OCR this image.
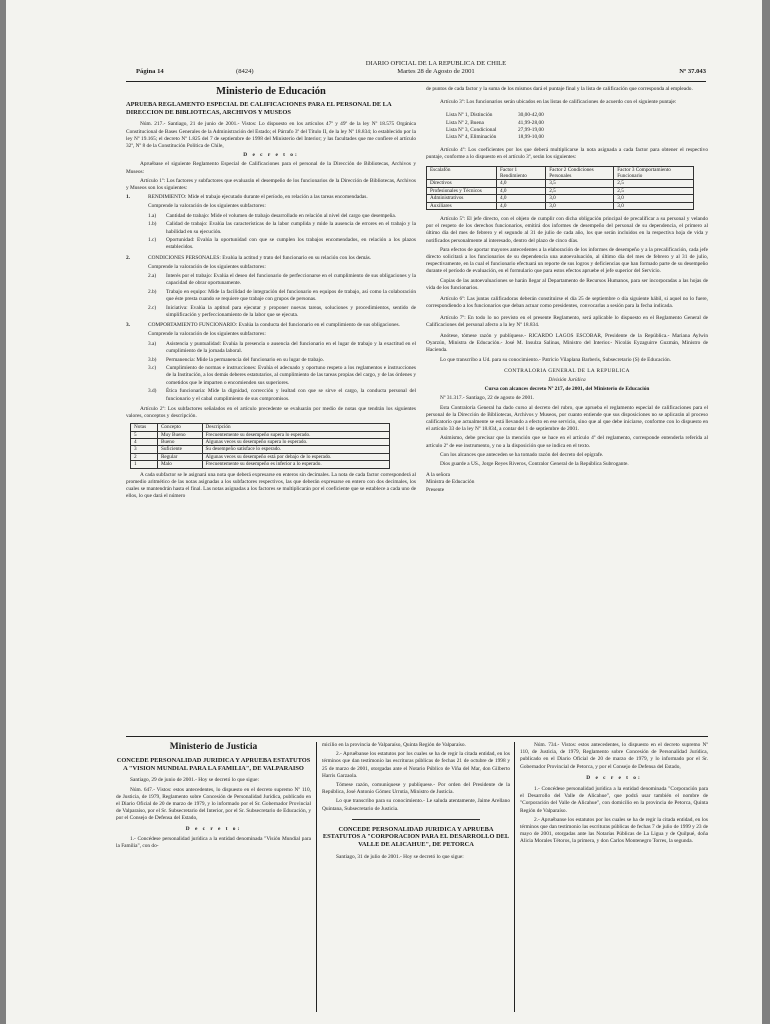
Página 14	(8424)
DIARIO OFICIAL DE LA REPUBLICA DE CHILE
Martes 28 de Agosto de 2001	Nº 37.043
Ministerio de Educación
APRUEBA REGLAMENTO ESPECIAL DE CALIFICACIONES PARA EL PERSONAL DE LA DIRECCION DE BIBLIOTECAS, ARCHIVOS Y MUSEOS

Núm. 217.- Santiago, 21 de junio de 2001.- Vistos: Lo dispuesto en los artículos 47º y 49º de la ley Nº 18.575 Orgánica Constitucional de Bases Generales de la Administración del Estado; el Párrafo 3º del Título II, de la ley Nº 18.834; lo establecido por la ley Nº 19.165; el decreto Nº 1.825 del 7 de septiembre de 1998 del Ministerio del Interior; y las facultades que me confiere el artículo 32º, Nº 8 de la Constitución Política de Chile,

D e c r e t o:

Apruébase el siguiente Reglamento Especial de Calificaciones para el personal de la Dirección de Bibliotecas, Archivos y Museos:

Artículo 1º: Los factores y subfactores que evaluarán el desempeño de los funcionarios de la Dirección de Bibliotecas, Archivos y Museos son los siguientes:

1.	RENDIMIENTO: Mide el trabajo ejecutado durante el período, en relación a las tareas encomendadas.

Comprende la valoración de los siguientes subfactores:

1.a)	Cantidad de trabajo: Mide el volumen de trabajo desarrollado en relación al nivel del cargo que desempeña.
1.b)	Calidad de trabajo: Evalúa las características de la labor cumplida y mide la ausencia de errores en el trabajo y la habilidad en su ejecución.
1.c)	Oportunidad: Evalúa la oportunidad con que se cumplen los trabajos encomendados, en relación a los plazos establecidos.
2.	CONDICIONES PERSONALES: Evalúa la actitud y trato del funcionario en su relación con los demás.

Comprende la valoración de los siguientes subfactores:

2.a)	Interés por el trabajo: Evalúa el deseo del funcionario de perfeccionarse en el cumplimiento de sus obligaciones y la capacidad de obrar oportunamente.
2.b)	Trabajo en equipo: Mide la facilidad de integración del funcionario en equipos de trabajo, así como la colaboración que éste presta cuando se requiere que trabaje con grupos de personas.
2.c)	Iniciativa: Evalúa la aptitud para ejecutar y proponer nuevas tareas, soluciones y procedimientos, sentido de simplificación y perfeccionamiento de la labor que se ejecuta.
3.	COMPORTAMIENTO FUNCIONARIO: Evalúa la conducta del funcionario en el cumplimiento de sus obligaciones.

Comprende la valoración de los siguientes subfactores:

3.a)	Asistencia y puntualidad: Evalúa la presencia o ausencia del funcionario en el lugar de trabajo y la exactitud en el cumplimiento de la jornada laboral.
3.b)	Permanencia: Mide la permanencia del funcionario en su lugar de trabajo.
3.c)	Cumplimiento de normas e instrucciones: Evalúa el adecuado y oportuno respeto a los reglamentos e instrucciones de la Institución, a los demás deberes estatutarios, al cumplimiento de las tareas propias del cargo, y de las órdenes y cometidos que le imparten o encomienden sus superiores.
3.d)	Ética funcionaria: Mide la dignidad, corrección y lealtad con que se sirve el cargo, la conducta personal del funcionario y el cabal cumplimiento de sus compromisos.

Artículo 2º: Los subfactores señalados en el artículo precedente se evaluarán por medio de notas que tendrán los siguientes valores, conceptos y descripción.

Notas	Concepto	Descripción
5	Muy Bueno	Frecuentemente su desempeño supera lo esperado.
4	Bueno	Algunas veces su desempeño supera lo esperado.
3	Suficiente	Su desempeño satisface lo esperado.
2	Regular	Algunas veces su desempeño está por debajo de lo esperado.
1	Malo	Frecuentemente su desempeño es inferior a lo esperado.

A cada subfactor se le asignará una nota que deberá expresarse en enteros sin decimales. La nota de cada factor corresponderá al promedio aritmético de las notas asignadas a los subfactores respectivos, las que deberán expresarse en entero con dos decimales, los cuales se mantendrán hasta el final. Las notas asignadas a los factores se multiplicarán por el coeficiente que se establece a cada uno de ellos, lo que dará el número

de puntos de cada factor y la suma de los mismos dará el puntaje final y la lista de calificación que corresponda al empleado.

Artículo 3º: Los funcionarios serán ubicados en las listas de calificaciones de acuerdo con el siguiente puntaje:

Lista Nº 1, Distinción	30,00-42,00
Lista Nº 2, Buena	41,99-28,00
Lista Nº 3, Condicional	27,99-19,00
Lista Nº 4, Eliminación	18,99-10,00

Artículo 4º: Los coeficientes por los que deberá multiplicarse la nota asignada a cada factor para obtener el respectivo puntaje, conforme a lo dispuesto en el artículo 3º, serán los siguientes:

Escalafón	Factor 1 Rendimiento	Factor 2 Condiciones Personales	Factor 3 Comportamiento Funcionario
Directivos	4,0	3,5	2,5
Profesionales y Técnicos	4,0	2,5	2,5
Administrativos	4,0	3,0	3,0
Auxiliares	4,0	3,0	3,0

Artículo 5º: El jefe directo, con el objeto de cumplir con dicha obligación principal de precalificar a su personal y velando por el respeto de los derechos funcionarios, emitirá dos informes de desempeño del personal de su dependencia, el primero al último día del mes de febrero y el segundo al 31 de julio de cada año, los que serán incluidos en la respectiva hoja de vida y notificados personalmente al interesado, dentro del plazo de cinco días.

Para efectos de aportar mayores antecedentes a la elaboración de los informes de desempeño y a la precalificación, cada jefe directo solicitará a los funcionarios de su dependencia una autoevaluación, al último día del mes de febrero y al 31 de julio, respectivamente, en la cual el funcionario efectuará un reporte de sus logros y deficiencias que han formado parte de su desempeño durante el período de evaluación, en el formulario que para estos efectos apruebe el jefe superior del Servicio.

Copias de las autoevaluaciones se harán llegar al Departamento de Recursos Humanos, para ser incorporadas a las hojas de vida de los funcionarios.

Artículo 6º: Las juntas calificadoras deberán constituirse el día 25 de septiembre o día siguiente hábil, si aquel no lo fuere, correspondiendo a los funcionarios que deban actuar como presidentes, convocarlas a sesión para la fecha indicada.

Artículo 7º: En todo lo no previsto en el presente Reglamento, será aplicable lo dispuesto en el Reglamento General de Calificaciones del personal afecto a la ley Nº 18.834.

Anótese, tómese razón y publíquese.- RICARDO LAGOS ESCOBAR, Presidente de la República.- Mariana Aylwin Oyarzún, Ministra de Educación.- José M. Insulza Salinas, Ministro del Interior.- Nicolás Eyzaguirre Guzmán, Ministro de Hacienda.

Lo que transcribo a Ud. para su conocimiento.- Patricio Vilaplana Barberis, Subsecretario (S) de Educación.

CONTRALORIA GENERAL DE LA REPUBLICA

División Jurídica

Cursa con alcances decreto Nº 217, de 2001, del Ministerio de Educación

Nº 31.317.- Santiago, 22 de agosto de 2001.

Esta Contraloría General ha dado curso al decreto del rubro, que aprueba el reglamento especial de calificaciones para el personal de la Dirección de Bibliotecas, Archivos y Museos, por cuanto entiende que sus disposiciones no se aplicarán al proceso calificatorio que actualmente se está llevando a efecto en ese servicio, sino que al que debe iniciarse, conforme con lo dispuesto en el artículo 33 de la ley Nº 18.834, a contar del 1 de septiembre de 2001.

Asimismo, debe precisar que la mención que se hace en el artículo 4º del reglamento, corresponde entenderla referida al artículo 2º de ese instrumento, y no a la disposición que se indica en el texto.

Con los alcances que anteceden se ha tomado razón del decreto del epígrafe.

Dios guarde a US., Jorge Reyes Riveros, Contralor General de la República Subrogante.

A la señora

Ministra de Educación

Presente

Ministerio de Justicia
CONCEDE PERSONALIDAD JURIDICA Y APRUEBA ESTATUTOS A "VISION MUNDIAL PARA LA FAMILIA", DE VALPARAISO

Santiago, 29 de junio de 2001.- Hoy se decretó lo que sigue:

Núm. 647.- Vistos: estos antecedentes, lo dispuesto en el decreto supremo Nº 110, de Justicia, de 1979, Reglamento sobre Concesión de Personalidad Jurídica, publicado en el Diario Oficial de 20 de marzo de 1979, y lo informado por el Sr. Gobernador Provincial de Valparaíso, por el Sr. Subsecretario del Interior, por el Sr. Subsecretario de Educación, y por el Consejo de Defensa del Estado,

D e c r e t o:

1.- Concédese personalidad jurídica a la entidad denominada "Visión Mundial para la Familia", con do-

micilio en la provincia de Valparaíso, Quinta Región de Valparaíso.

2.- Apruébanse los estatutos por los cuales se ha de regir la citada entidad, en los términos que dan testimonio las escrituras públicas de fechas 21 de octubre de 1998 y 25 de marzo de 2001, otorgadas ante el Notario Público de Viña del Mar, don Gilberto Harris Garzaola.

Tómese razón, comuníquese y publíquese.- Por orden del Presidente de la República, José Antonio Gómez Urrutia, Ministro de Justicia.

Lo que transcribo para su conocimiento.- Le saluda atentamente, Jaime Arellano Quintana, Subsecretario de Justicia.

CONCEDE PERSONALIDAD JURIDICA Y APRUEBA ESTATUTOS A "CORPORACION PARA EL DESARROLLO DEL VALLE DE ALICAHUE", DE PETORCA

Santiago, 31 de julio de 2001.- Hoy se decretó lo que sigue:

Núm. 734.- Vistos: estos antecedentes, lo dispuesto en el decreto supremo Nº 110, de Justicia, de 1979, Reglamento sobre Concesión de Personalidad Jurídica, publicado en el Diario Oficial de 20 de marzo de 1979, y lo informado por el Sr. Gobernador Provincial de Petorca, y por el Consejo de Defensa del Estado,

D e c r e t o:

1.- Concédese personalidad jurídica a la entidad denominada "Corporación para el Desarrollo del Valle de Alicahue", que podrá usar también el nombre de "Corporación del Valle de Alicahue", con domicilio en la provincia de Petorca, Quinta Región de Valparaíso.

2.- Apruébanse los estatutos por los cuales se ha de regir la citada entidad, en los términos que dan testimonio las escrituras públicas de fechas 7 de julio de 1999 y 23 de mayo de 2001, otorgadas ante las Notarías Públicas de La Ligua y de Quilpué, doña Alicia Morales Tétoros, la primera, y don Carlos Montenegro Torres, la segunda.
